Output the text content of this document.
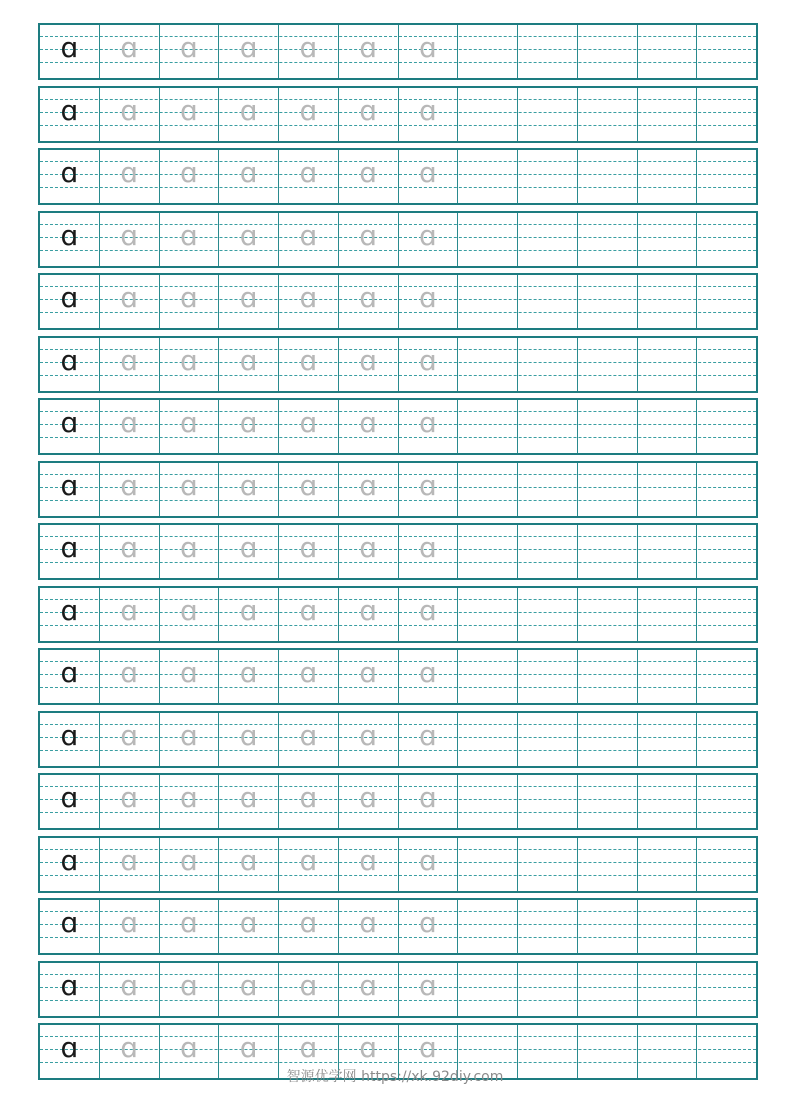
ɑ	ɑ	ɑ	ɑ	ɑ	ɑ	ɑ
ɑ	ɑ	ɑ	ɑ	ɑ	ɑ	ɑ
ɑ	ɑ	ɑ	ɑ	ɑ	ɑ	ɑ
ɑ	ɑ	ɑ	ɑ	ɑ	ɑ	ɑ
ɑ	ɑ	ɑ	ɑ	ɑ	ɑ	ɑ
ɑ	ɑ	ɑ	ɑ	ɑ	ɑ	ɑ
ɑ	ɑ	ɑ	ɑ	ɑ	ɑ	ɑ
ɑ	ɑ	ɑ	ɑ	ɑ	ɑ	ɑ
ɑ	ɑ	ɑ	ɑ	ɑ	ɑ	ɑ
ɑ	ɑ	ɑ	ɑ	ɑ	ɑ	ɑ
ɑ	ɑ	ɑ	ɑ	ɑ	ɑ	ɑ
ɑ	ɑ	ɑ	ɑ	ɑ	ɑ	ɑ
ɑ	ɑ	ɑ	ɑ	ɑ	ɑ	ɑ
ɑ	ɑ	ɑ	ɑ	ɑ	ɑ	ɑ
ɑ	ɑ	ɑ	ɑ	ɑ	ɑ	ɑ
ɑ	ɑ	ɑ	ɑ	ɑ	ɑ	ɑ
ɑ	ɑ	ɑ	ɑ	ɑ	ɑ	ɑ
智源优学网 https://xk.92diy.com
